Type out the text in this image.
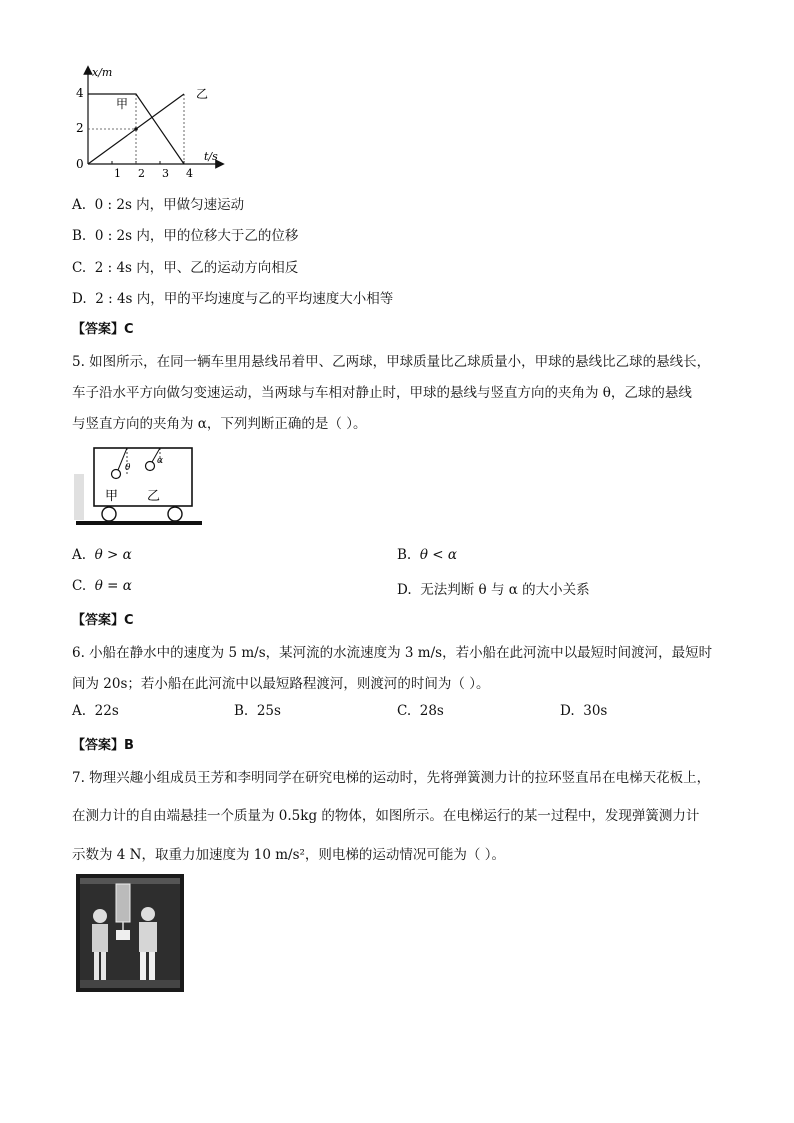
x/m
t/s
0
2
4
1 2 3 4
甲
乙
A. 0 : 2s 内，甲做匀速运动
B. 0 : 2s 内，甲的位移大于乙的位移
C. 2 : 4s 内，甲、乙的运动方向相反
D. 2 : 4s 内，甲的平均速度与乙的平均速度大小相等
【答案】C
5. 如图所示，在同一辆车里用悬线吊着甲、乙两球，甲球质量比乙球质量小，甲球的悬线比乙球的悬线长，
车子沿水平方向做匀变速运动，当两球与车相对静止时，甲球的悬线与竖直方向的夹角为 θ，乙球的悬线
与竖直方向的夹角为 α，下列判断正确的是（ ）。
θ
α
甲 乙
A. θ > α	B. θ < α
C. θ = α	D. 无法判断 θ 与 α 的大小关系
【答案】C
6. 小船在静水中的速度为 5 m/s，某河流的水流速度为 3 m/s，若小船在此河流中以最短时间渡河，最短时
间为 20s；若小船在此河流中以最短路程渡河，则渡河的时间为（ ）。
A. 22s	B. 25s	C. 28s	D. 30s
【答案】B
7. 物理兴趣小组成员王芳和李明同学在研究电梯的运动时，先将弹簧测力计的拉环竖直吊在电梯天花板上，
在测力计的自由端悬挂一个质量为 0.5kg 的物体，如图所示。在电梯运行的某一过程中，发现弹簧测力计
示数为 4 N，取重力加速度为 10 m/s²，则电梯的运动情况可能为（ ）。
